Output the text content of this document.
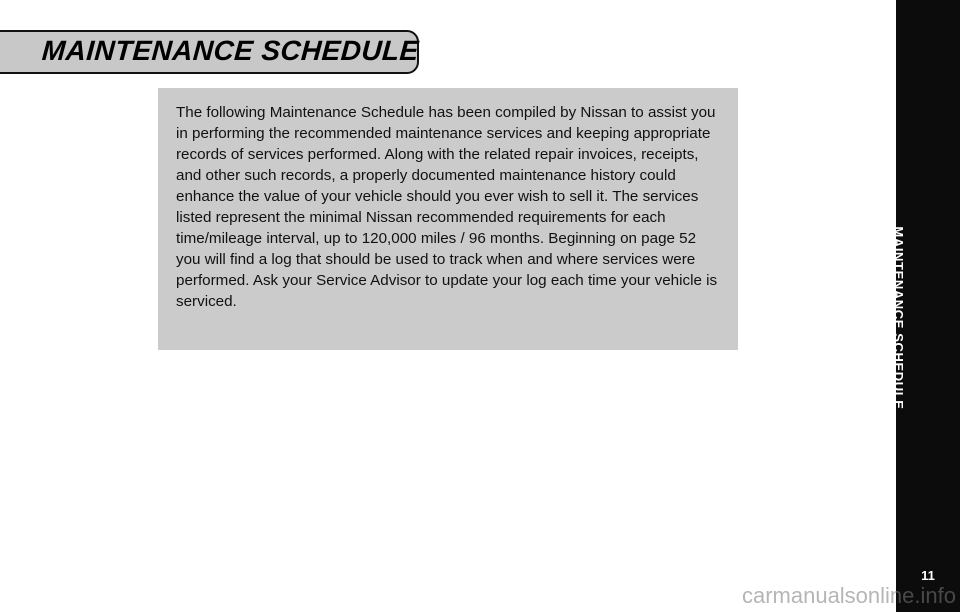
MAINTENANCE SCHEDULE

The following Maintenance Schedule has been compiled by Nissan to assist you in performing the recommended maintenance services and keeping appropriate records of services performed. Along with the related repair invoices, receipts, and other such records, a properly documented maintenance history could enhance the value of your vehicle should you ever wish to sell it. The services listed represent the minimal Nissan recommended requirements for each time/mileage interval, up to 120,000 miles / 96 months. Beginning on page 52 you will find a log that should be used to track when and where services were performed. Ask your Service Advisor to update your log each time your vehicle is serviced.	MAINTENANCE SCHEDULE
11
carmanualsonline.info
